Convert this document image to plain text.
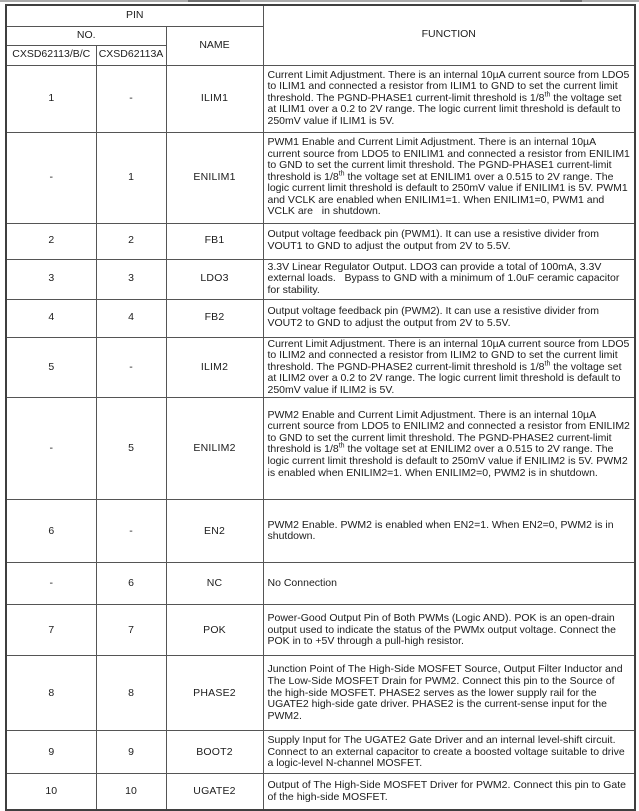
PIN			FUNCTION
NO.		NAME	
CXSD62113/B/C	CXSD62113A		
1	-	ILIM1	Current Limit Adjustment. There is an internal 10µA current source from LDO5 to ILIM1 and connected a resistor from ILIM1 to GND to set the current limit threshold. The PGND-PHASE1 current-limit threshold is 1/8th the voltage set at ILIM1 over a 0.2 to 2V range. The logic current limit threshold is default to 250mV value if ILIM1 is 5V.
-	1	ENILIM1	PWM1 Enable and Current Limit Adjustment. There is an internal 10µA current source from LDO5 to ENILIM1 and connected a resistor from ENILIM1 to GND to set the current limit threshold. The PGND-PHASE1 current-limit threshold is 1/8th the voltage set at ENILIM1 over a 0.515 to 2V range. The logic current limit threshold is default to 250mV value if ENILIM1 is 5V. PWM1 and VCLK are enabled when ENILIM1=1. When ENILIM1=0, PWM1 and VCLK are   in shutdown.
2	2	FB1	Output voltage feedback pin (PWM1). It can use a resistive divider from VOUT1 to GND to adjust the output from 2V to 5.5V.
3	3	LDO3	3.3V Linear Regulator Output. LDO3 can provide a total of 100mA, 3.3V external loads.   Bypass to GND with a minimum of 1.0uF ceramic capacitor for stability.
4	4	FB2	Output voltage feedback pin (PWM2). It can use a resistive divider from VOUT2 to GND to adjust the output from 2V to 5.5V.
5	-	ILIM2	Current Limit Adjustment. There is an internal 10µA current source from LDO5 to ILIM2 and connected a resistor from ILIM2 to GND to set the current limit threshold. The PGND-PHASE2 current-limit threshold is 1/8th the voltage set at ILIM2 over a 0.2 to 2V range. The logic current limit threshold is default to 250mV value if ILIM2 is 5V.
-	5	ENILIM2	PWM2 Enable and Current Limit Adjustment. There is an internal 10µA current source from LDO5 to ENILIM2 and connected a resistor from ENILIM2 to GND to set the current limit threshold. The PGND-PHASE2 current-limit threshold is 1/8th the voltage set at ENILIM2 over a 0.515 to 2V range. The logic current limit threshold is default to 250mV value if ENILIM2 is 5V. PWM2 is enabled when ENILIM2=1. When ENILIM2=0, PWM2 is in shutdown.
6	-	EN2	PWM2 Enable. PWM2 is enabled when EN2=1. When EN2=0, PWM2 is in shutdown.
-	6	NC	No Connection
7	7	POK	Power-Good Output Pin of Both PWMs (Logic AND). POK is an open-drain output used to indicate the status of the PWMx output voltage. Connect the POK in to +5V through a pull-high resistor.
8	8	PHASE2	Junction Point of The High-Side MOSFET Source, Output Filter Inductor and The Low-Side MOSFET Drain for PWM2. Connect this pin to the Source of the high-side MOSFET. PHASE2 serves as the lower supply rail for the UGATE2 high-side gate driver. PHASE2 is the current-sense input for the PWM2.
9	9	BOOT2	Supply Input for The UGATE2 Gate Driver and an internal level-shift circuit. Connect to an external capacitor to create a boosted voltage suitable to drive a logic-level N-channel MOSFET.
10	10	UGATE2	Output of The High-Side MOSFET Driver for PWM2. Connect this pin to Gate of the high-side MOSFET.
